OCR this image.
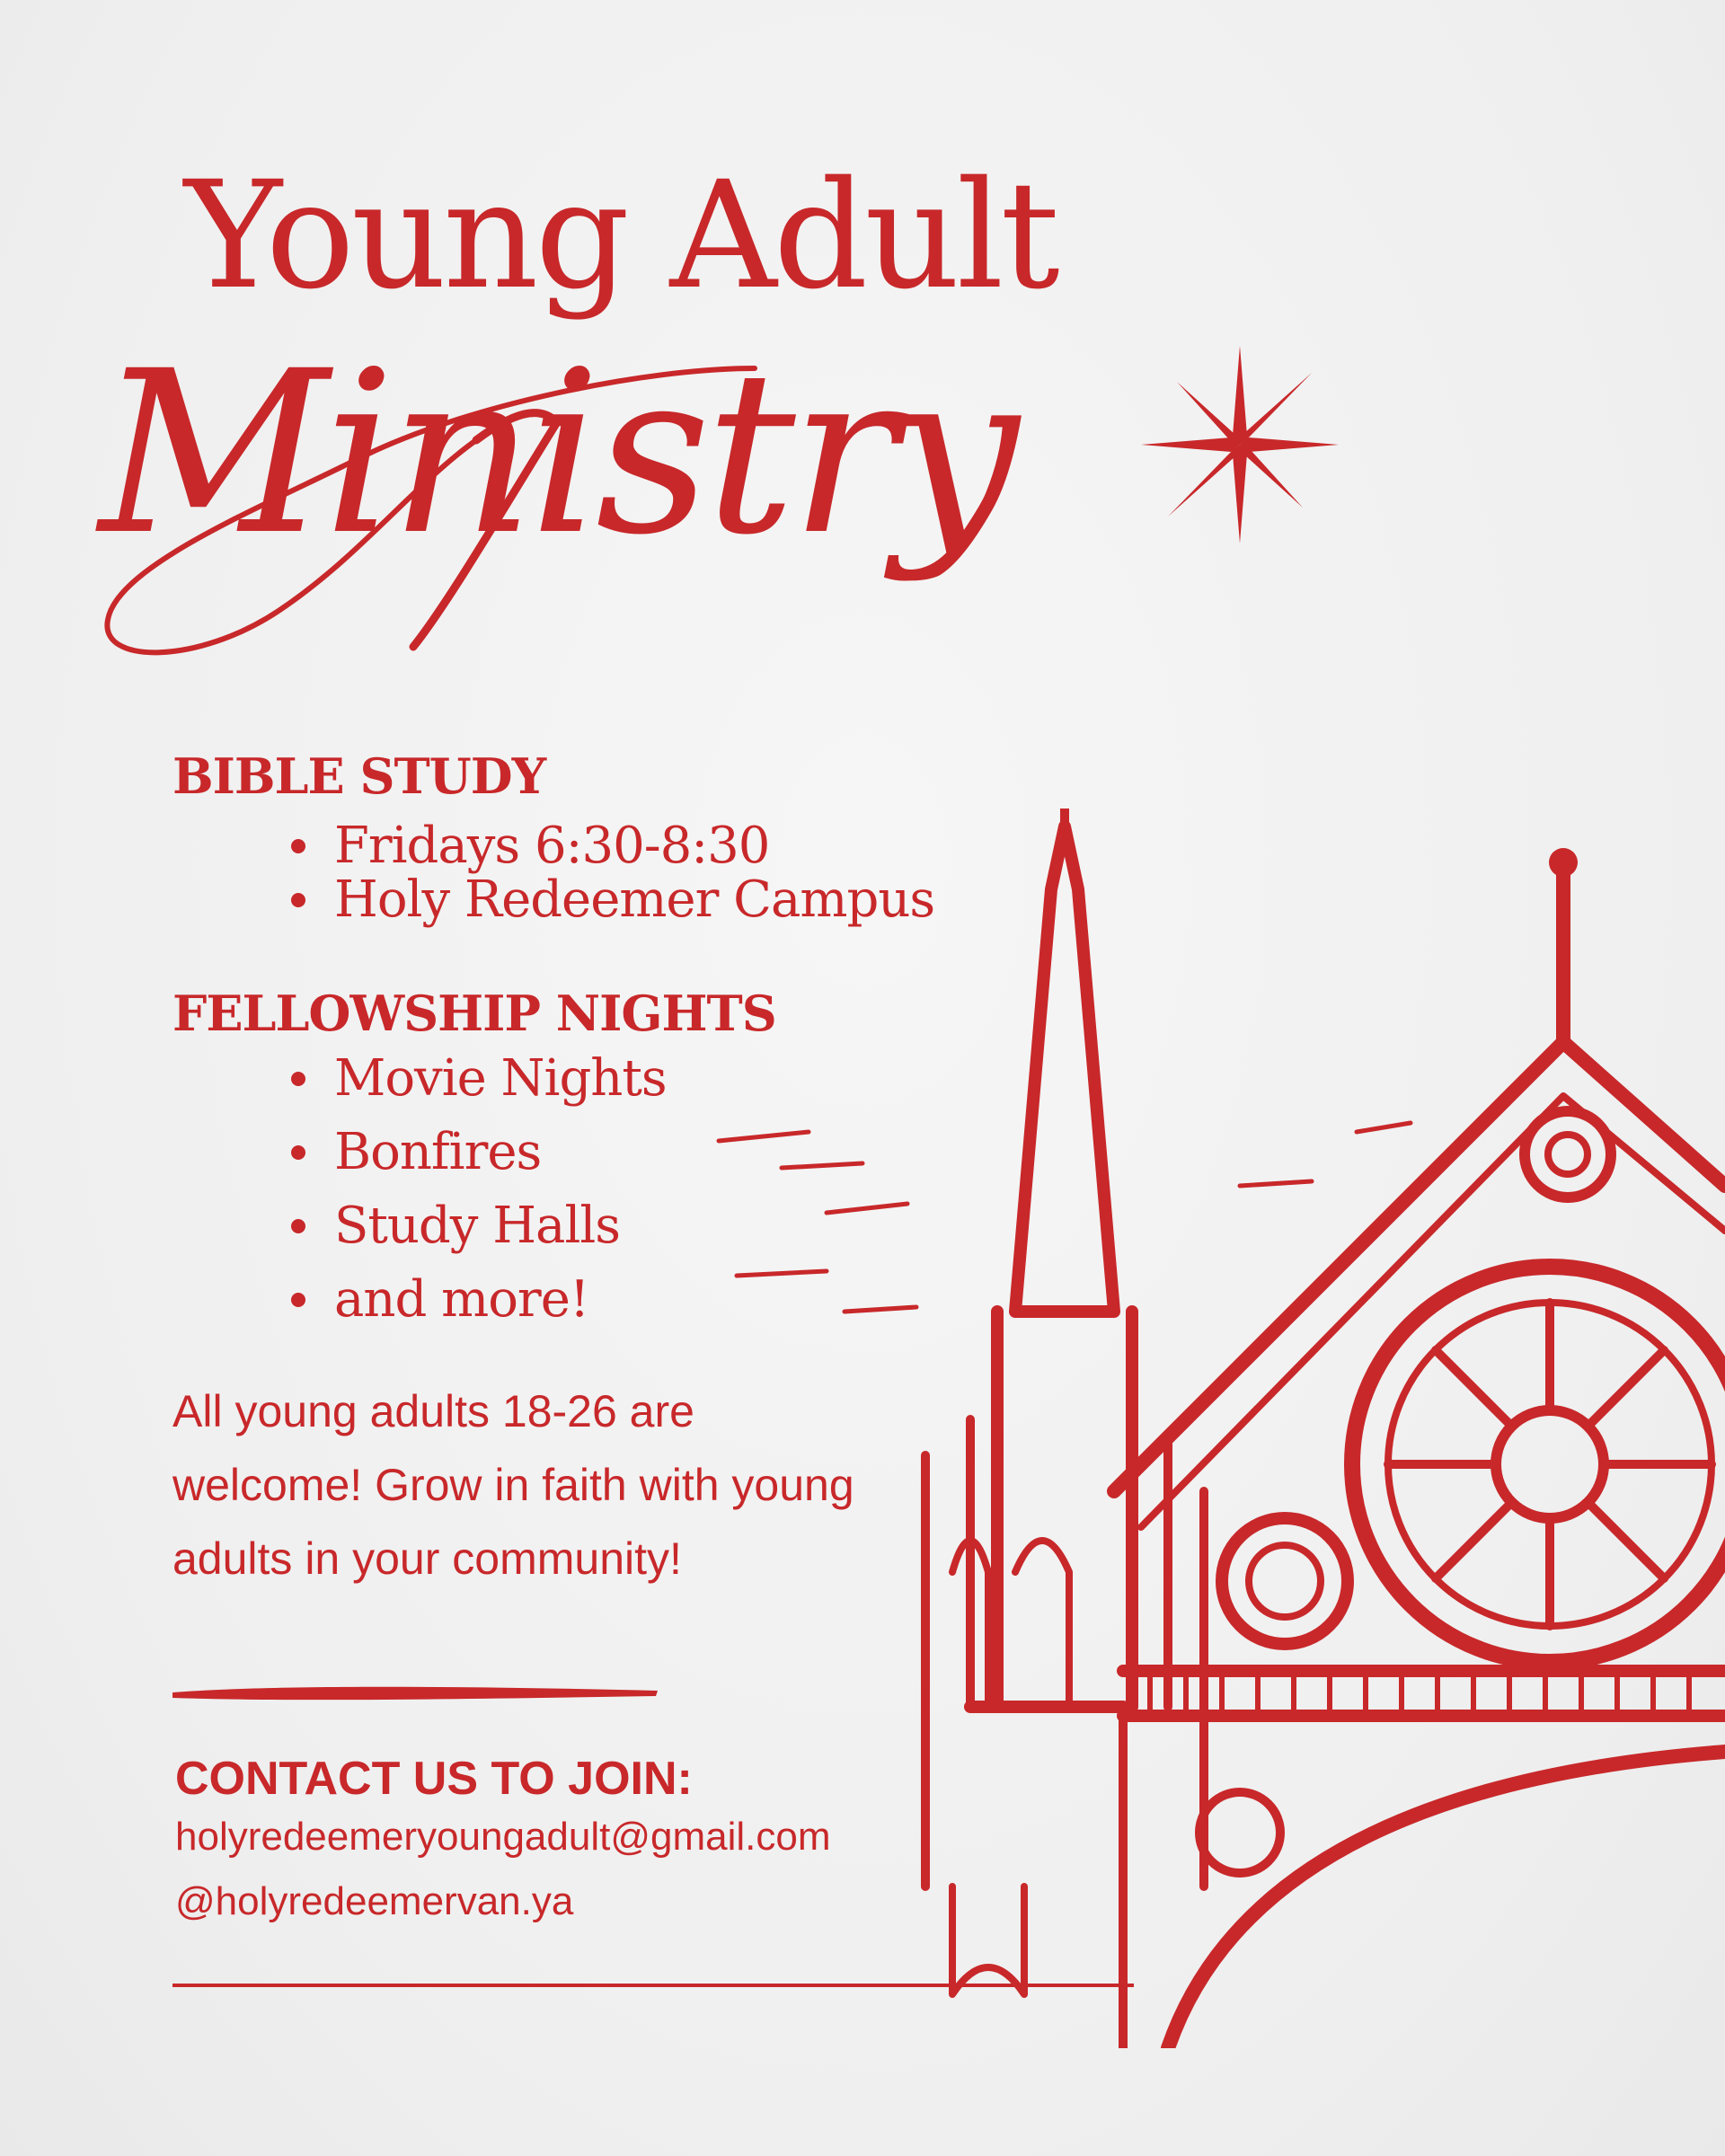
Young Adult
Ministry
BIBLE STUDY
Fridays 6:30-8:30
Holy Redeemer Campus
FELLOWSHIP NIGHTS
Movie Nights
Bonfires
Study Halls
and more!
All young adults 18-26 are welcome! Grow in faith with young adults in your community!
CONTACT US TO JOIN:
holyredeemeryoungadult@gmail.com
@holyredeemervan.ya
